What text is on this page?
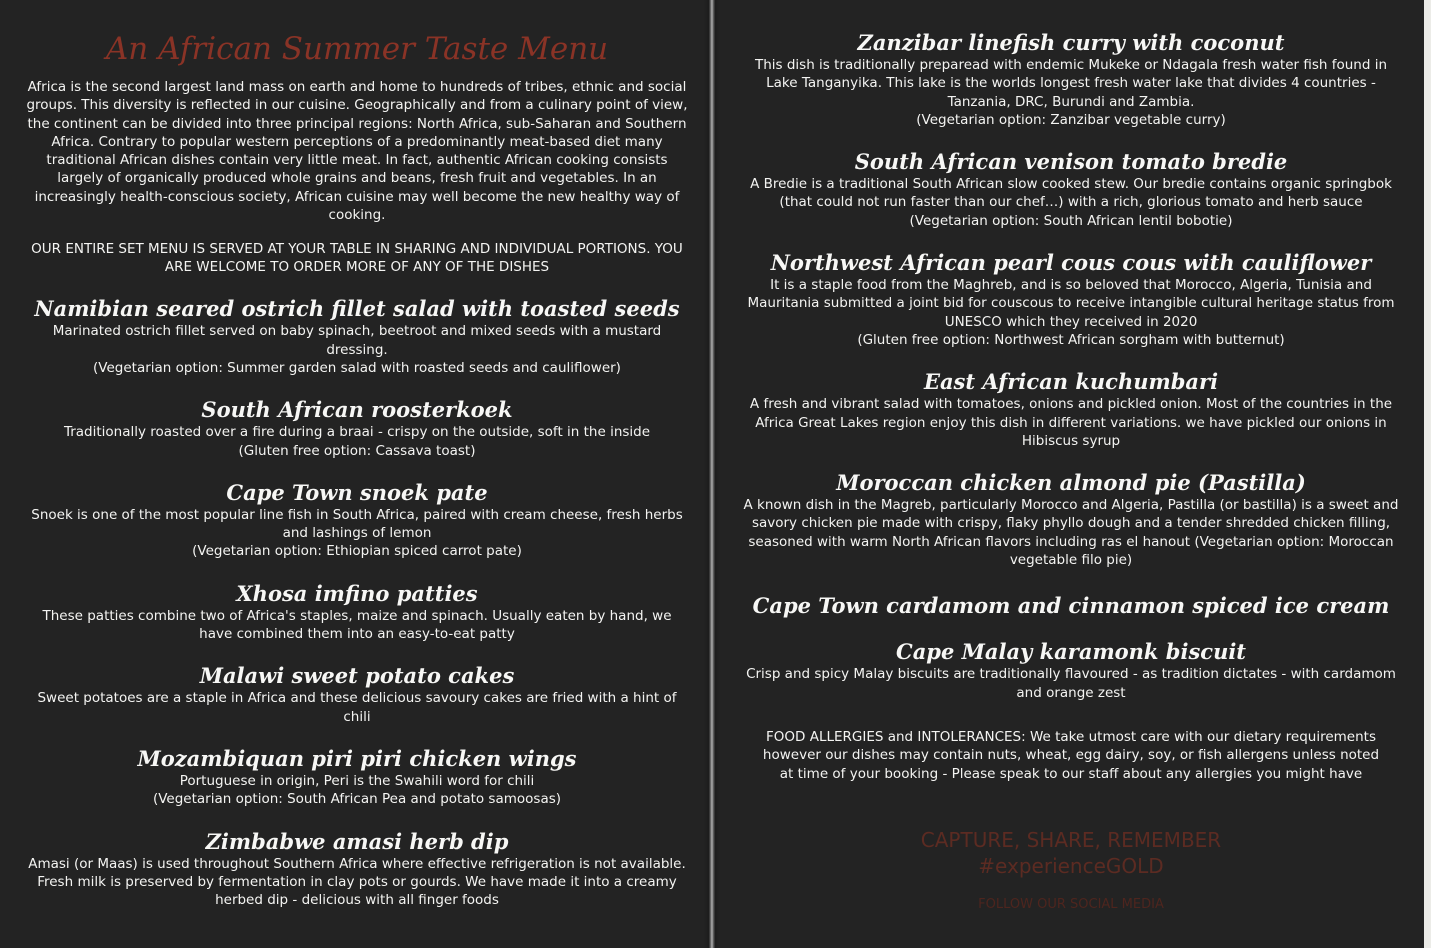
An African Summer Taste Menu

Africa is the second largest land mass on earth and home to hundreds of tribes, ethnic and social groups. This diversity is reflected in our cuisine. Geographically and from a culinary point of view, the continent can be divided into three principal regions: North Africa, sub-Saharan and Southern Africa. Contrary to popular western perceptions of a predominantly meat-based diet many traditional African dishes contain very little meat. In fact, authentic African cooking consists largely of organically produced whole grains and beans, fresh fruit and vegetables. In an increasingly health-conscious society, African cuisine may well become the new healthy way of cooking.

OUR ENTIRE SET MENU IS SERVED AT YOUR TABLE IN SHARING AND INDIVIDUAL PORTIONS. YOU ARE WELCOME TO ORDER MORE OF ANY OF THE DISHES

Namibian seared ostrich fillet salad with toasted seeds

Marinated ostrich fillet served on baby spinach, beetroot and mixed seeds with a mustard dressing.

(Vegetarian option: Summer garden salad with roasted seeds and cauliflower)

South African roosterkoek

Traditionally roasted over a fire during a braai - crispy on the outside, soft in the inside

(Gluten free option: Cassava toast)

Cape Town snoek pate

Snoek is one of the most popular line fish in South Africa, paired with cream cheese, fresh herbs and lashings of lemon

(Vegetarian option: Ethiopian spiced carrot pate)

Xhosa imfino patties

These patties combine two of Africa's staples, maize and spinach. Usually eaten by hand, we have combined them into an easy-to-eat patty

Malawi sweet potato cakes

Sweet potatoes are a staple in Africa and these delicious savoury cakes are fried with a hint of chili

Mozambiquan piri piri chicken wings

Portuguese in origin, Peri is the Swahili word for chili

(Vegetarian option: South African Pea and potato samoosas)

Zimbabwe amasi herb dip

Amasi (or Maas) is used throughout Southern Africa where effective refrigeration is not available. Fresh milk is preserved by fermentation in clay pots or gourds. We have made it into a creamy herbed dip - delicious with all finger foods

Zanzibar linefish curry with coconut

This dish is traditionally preparead with endemic Mukeke or Ndagala fresh water fish found in Lake Tanganyika. This lake is the worlds longest fresh water lake that divides 4 countries - Tanzania, DRC, Burundi and Zambia.

(Vegetarian option: Zanzibar vegetable curry)

South African venison tomato bredie

A Bredie is a traditional South African slow cooked stew. Our bredie contains organic springbok (that could not run faster than our chef…) with a rich, glorious tomato and herb sauce

(Vegetarian option: South African lentil bobotie)

Northwest African pearl cous cous with cauliflower

It is a staple food from the Maghreb, and is so beloved that Morocco, Algeria, Tunisia and Mauritania submitted a joint bid for couscous to receive intangible cultural heritage status from UNESCO which they received in 2020

(Gluten free option: Northwest African sorgham with butternut)

East African kuchumbari

A fresh and vibrant salad with tomatoes, onions and pickled onion. Most of the countries in the Africa Great Lakes region enjoy this dish in different variations. we have pickled our onions in Hibiscus syrup

Moroccan chicken almond pie (Pastilla)

A known dish in the Magreb, particularly Morocco and Algeria, Pastilla (or bastilla) is a sweet and savory chicken pie made with crispy, flaky phyllo dough and a tender shredded chicken filling, seasoned with warm North African flavors including ras el hanout (Vegetarian option: Moroccan vegetable filo pie)

Cape Town cardamom and cinnamon spiced ice cream

Cape Malay karamonk biscuit

Crisp and spicy Malay biscuits are traditionally flavoured - as tradition dictates - with cardamom and orange zest

FOOD ALLERGIES and INTOLERANCES: We take utmost care with our dietary requirements however our dishes may contain nuts, wheat, egg dairy, soy, or fish allergens unless noted at time of your booking - Please speak to our staff about any allergies you might have

CAPTURE, SHARE, REMEMBER

#experienceGOLD

FOLLOW OUR SOCIAL MEDIA
